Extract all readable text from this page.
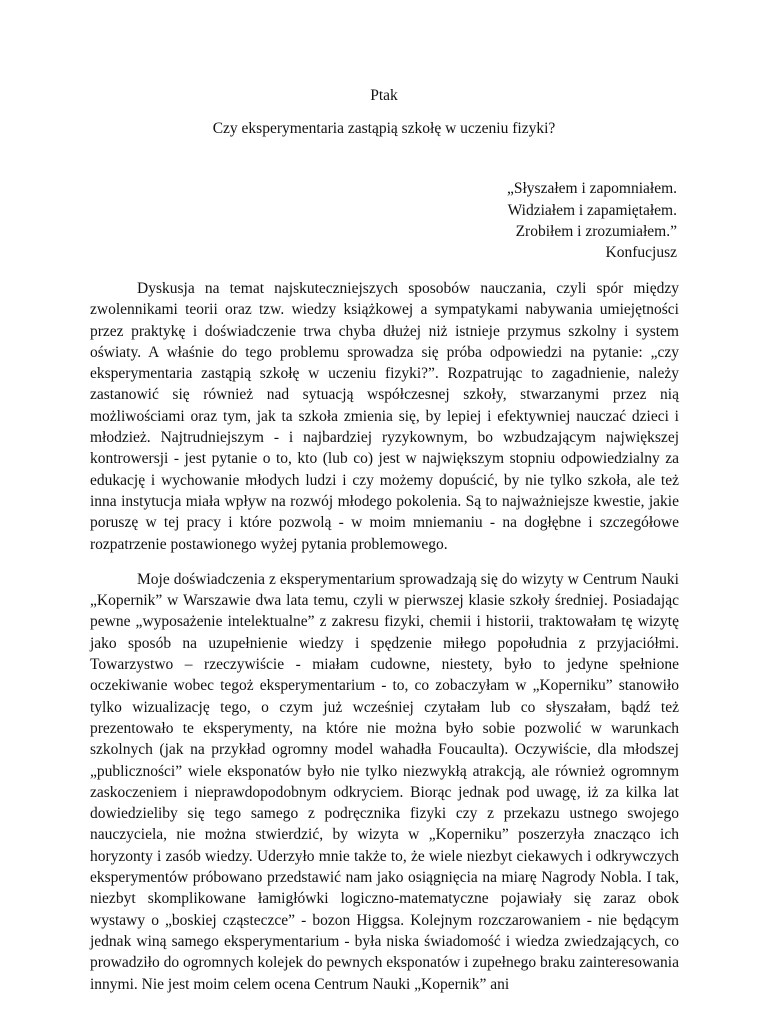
Ptak
Czy eksperymentaria zastąpią szkołę w uczeniu fizyki?
„Słyszałem i zapomniałem.
Widziałem i zapamiętałem.
Zrobiłem i zrozumiałem.”
Konfucjusz

Dyskusja na temat najskuteczniejszych sposobów nauczania, czyli spór między zwolennikami teorii oraz tzw. wiedzy książkowej a sympatykami nabywania umiejętności przez praktykę i doświadczenie trwa chyba dłużej niż istnieje przymus szkolny i system oświaty. A właśnie do tego problemu sprowadza się próba odpowiedzi na pytanie: „czy eksperymentaria zastąpią szkołę w uczeniu fizyki?”. Rozpatrując to zagadnienie, należy zastanowić się również nad sytuacją współczesnej szkoły, stwarzanymi przez nią możliwościami oraz tym, jak ta szkoła zmienia się, by lepiej i efektywniej nauczać dzieci i młodzież. Najtrudniejszym - i najbardziej ryzykownym, bo wzbudzającym największej kontrowersji - jest pytanie o to, kto (lub co) jest w największym stopniu odpowiedzialny za edukację i wychowanie młodych ludzi i czy możemy dopuścić, by nie tylko szkoła, ale też inna instytucja miała wpływ na rozwój młodego pokolenia. Są to najważniejsze kwestie, jakie poruszę w tej pracy i które pozwolą - w moim mniemaniu - na dogłębne i szczegółowe rozpatrzenie postawionego wyżej pytania problemowego.

Moje doświadczenia z eksperymentarium sprowadzają się do wizyty w Centrum Nauki „Kopernik” w Warszawie dwa lata temu, czyli w pierwszej klasie szkoły średniej. Posiadając pewne „wyposażenie intelektualne” z zakresu fizyki, chemii i historii, traktowałam tę wizytę jako sposób na uzupełnienie wiedzy i spędzenie miłego popołudnia z przyjaciółmi. Towarzystwo – rzeczywiście - miałam cudowne, niestety, było to jedyne spełnione oczekiwanie wobec tegoż eksperymentarium - to, co zobaczyłam w „Koperniku” stanowiło tylko wizualizację tego, o czym już wcześniej czytałam lub co słyszałam, bądź też prezentowało te eksperymenty, na które nie można było sobie pozwolić w warunkach szkolnych (jak na przykład ogromny model wahadła Foucaulta). Oczywiście, dla młodszej „publiczności” wiele eksponatów było nie tylko niezwykłą atrakcją, ale również ogromnym zaskoczeniem i nieprawdopodobnym odkryciem. Biorąc jednak pod uwagę, iż za kilka lat dowiedzieliby się tego samego z podręcznika fizyki czy z przekazu ustnego swojego nauczyciela, nie można stwierdzić, by wizyta w „Koperniku” poszerzyła znacząco ich horyzonty i zasób wiedzy. Uderzyło mnie także to, że wiele niezbyt ciekawych i odkrywczych eksperymentów próbowano przedstawić nam jako osiągnięcia na miarę Nagrody Nobla. I tak, niezbyt skomplikowane łamigłówki logiczno-matematyczne pojawiały się zaraz obok wystawy o „boskiej cząsteczce” - bozon Higgsa. Kolejnym rozczarowaniem - nie będącym jednak winą samego eksperymentarium - była niska świadomość i wiedza zwiedzających, co prowadziło do ogromnych kolejek do pewnych eksponatów i zupełnego braku zainteresowania innymi. Nie jest moim celem ocena Centrum Nauki „Kopernik” ani
